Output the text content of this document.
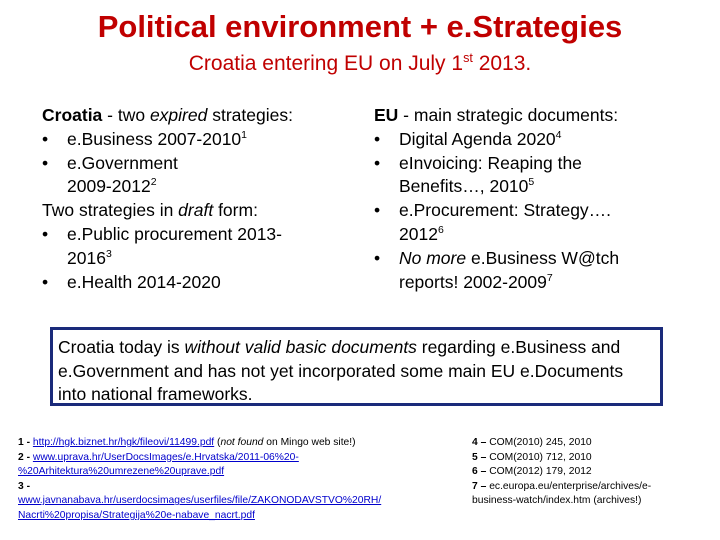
Political environment + e.Strategies
Croatia entering EU on July 1st 2013.
Croatia - two expired strategies:
•	e.Business 2007-2010$^1$
•	e.Government
2009-2012$^2$
Two strategies in draft form:
•	e.Public procurement 2013-
2016$^3$
•	e.Health 2014-2020
EU - main strategic documents:
•	Digital Agenda 2020$^4$
•	eInvoicing: Reaping the
Benefits…, 2010$^5$
•	e.Procurement: Strategy….
2012$^6$
•	No more e.Business W@tch
reports! 2002-2009$^7$
Croatia today is without valid basic documents regarding e.Business and e.Government and has not yet incorporated some main EU e.Documents into national frameworks.
1 - http://hgk.biznet.hr/hgk/fileovi/11499.pdf (not found on Mingo web site!)
2 - www.uprava.hr/UserDocsImages/e.Hrvatska/2011-06%20-
%20Arhitektura%20umrezene%20uprave.pdf
3 -
www.javnanabava.hr/userdocsimages/userfiles/file/ZAKONODAVSTVO%20RH/
Nacrti%20propisa/Strategija%20e-nabave_nacrt.pdf
4 – COM(2010) 245, 2010
5 – COM(2010) 712, 2010
6 – COM(2012) 179, 2012
7 – ec.europa.eu/enterprise/archives/e-
business-watch/index.htm (archives!)
